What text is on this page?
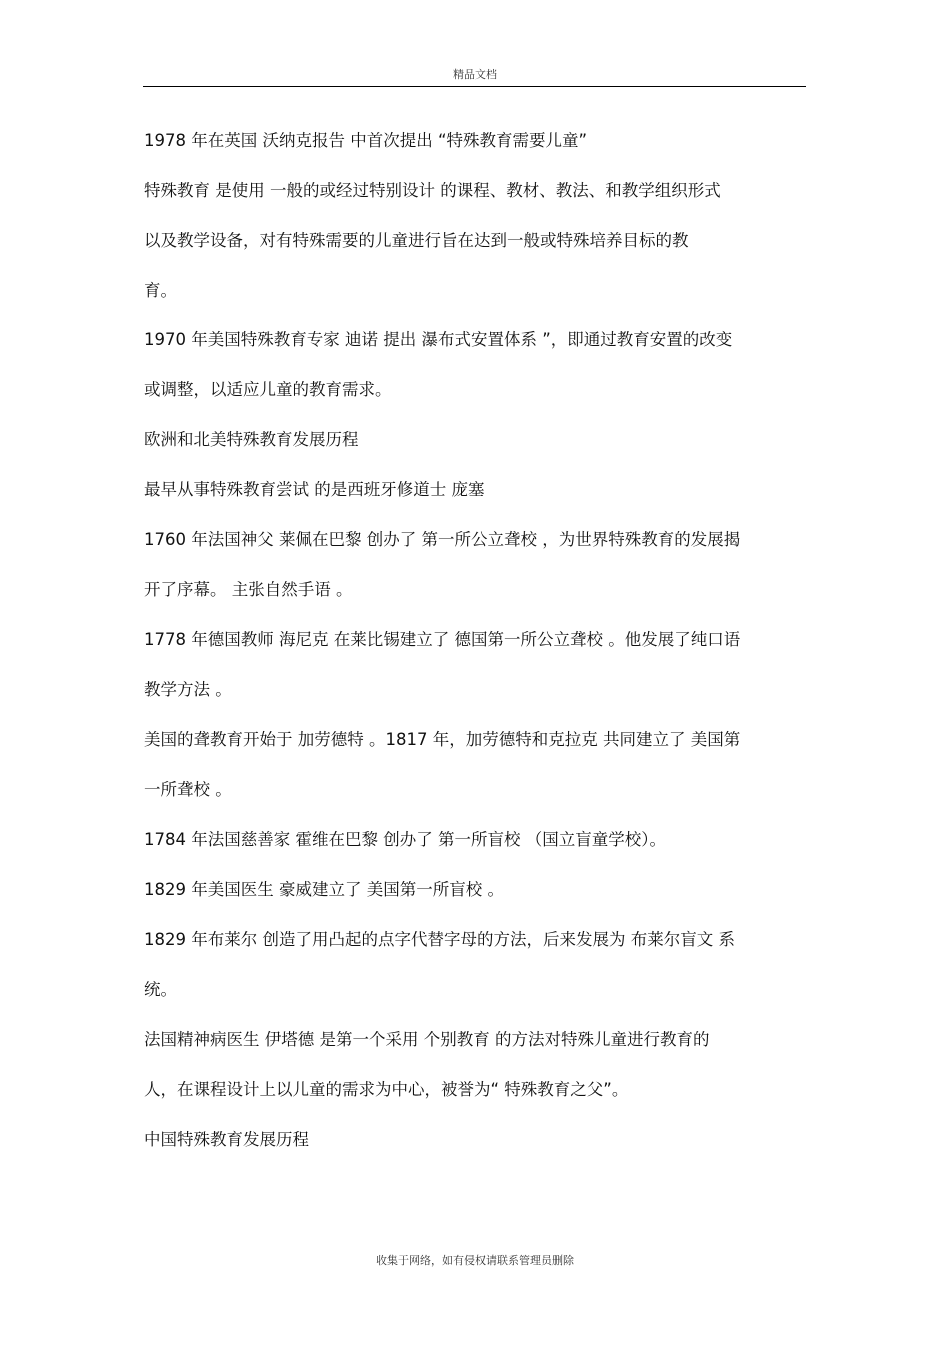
精品文档
1978 年在英国 沃纳克报告 中首次提出 “特殊教育需要儿童”
特殊教育 是使用 一般的或经过特别设计 的课程、教材、教法、和教学组织形式
以及教学设备，对有特殊需要的儿童进行旨在达到一般或特殊培养目标的教
育。
1970 年美国特殊教育专家 迪诺 提出 瀑布式安置体系 ”，即通过教育安置的改变
或调整，以适应儿童的教育需求。
欧洲和北美特殊教育发展历程
最早从事特殊教育尝试 的是西班牙修道士 庞塞
1760 年法国神父 莱佩在巴黎 创办了 第一所公立聋校 ，为世界特殊教育的发展揭
开了序幕。 主张自然手语 。
1778 年德国教师 海尼克 在莱比锡建立了 德国第一所公立聋校 。他发展了纯口语
教学方法 。
美国的聋教育开始于 加劳德特 。1817 年，加劳德特和克拉克 共同建立了 美国第
一所聋校 。
1784 年法国慈善家 霍维在巴黎 创办了 第一所盲校 （国立盲童学校）。
1829 年美国医生 豪威建立了 美国第一所盲校 。
1829 年布莱尔 创造了用凸起的点字代替字母的方法，后来发展为 布莱尔盲文 系
统。
法国精神病医生 伊塔德 是第一个采用 个别教育 的方法对特殊儿童进行教育的
人，在课程设计上以儿童的需求为中心，被誉为“ 特殊教育之父”。
中国特殊教育发展历程
收集于网络，如有侵权请联系管理员删除
